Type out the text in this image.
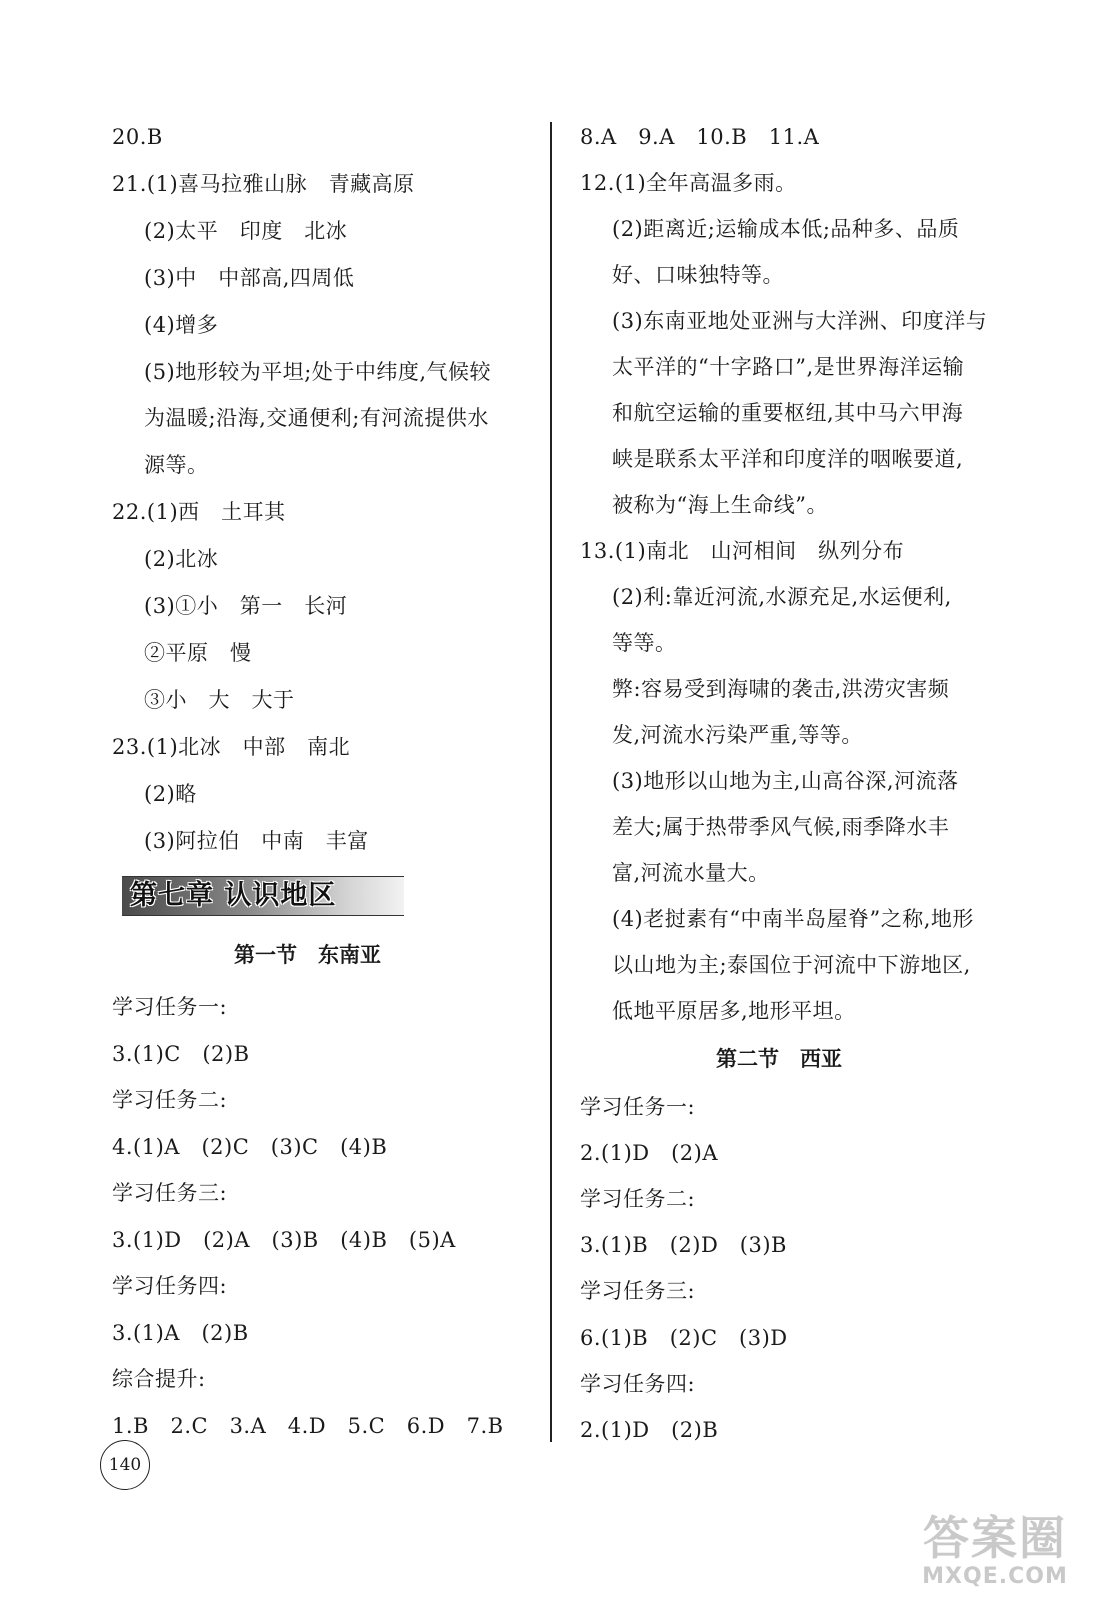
20.B
21.(1)喜马拉雅山脉　青藏高原
(2)太平　印度　北冰
(3)中　中部高,四周低
(4)增多
(5)地形较为平坦;处于中纬度,气候较
为温暖;沿海,交通便利;有河流提供水
源等。
22.(1)西　土耳其
(2)北冰
(3)①小　第一　长河
②平原　慢
③小　大　大于
23.(1)北冰　中部　南北
(2)略
(3)阿拉伯　中南　丰富
学习任务一:
3.(1)C　(2)B
学习任务二:
4.(1)A　(2)C　(3)C　(4)B
学习任务三:
3.(1)D　(2)A　(3)B　(4)B　(5)A
学习任务四:
3.(1)A　(2)B
综合提升:
1.B　2.C　3.A　4.D　5.C　6.D　7.B
8.A　9.A　10.B　11.A
12.(1)全年高温多雨。
(2)距离近;运输成本低;品种多、品质
好、口味独特等。
(3)东南亚地处亚洲与大洋洲、印度洋与
太平洋的“十字路口”,是世界海洋运输
和航空运输的重要枢纽,其中马六甲海
峡是联系太平洋和印度洋的咽喉要道,
被称为“海上生命线”。
13.(1)南北　山河相间　纵列分布
(2)利:靠近河流,水源充足,水运便利,
等等。
弊:容易受到海啸的袭击,洪涝灾害频
发,河流水污染严重,等等。
(3)地形以山地为主,山高谷深,河流落
差大;属于热带季风气候,雨季降水丰
富,河流水量大。
(4)老挝素有“中南半岛屋脊”之称,地形
以山地为主;泰国位于河流中下游地区,
低地平原居多,地形平坦。
学习任务一:
2.(1)D　(2)A
学习任务二:
3.(1)B　(2)D　(3)B
学习任务三:
6.(1)B　(2)C　(3)D
学习任务四:
2.(1)D　(2)B
第七章 认识地区
第一节　东南亚
第二节　西亚
140
答案圈
MXQE.COM
